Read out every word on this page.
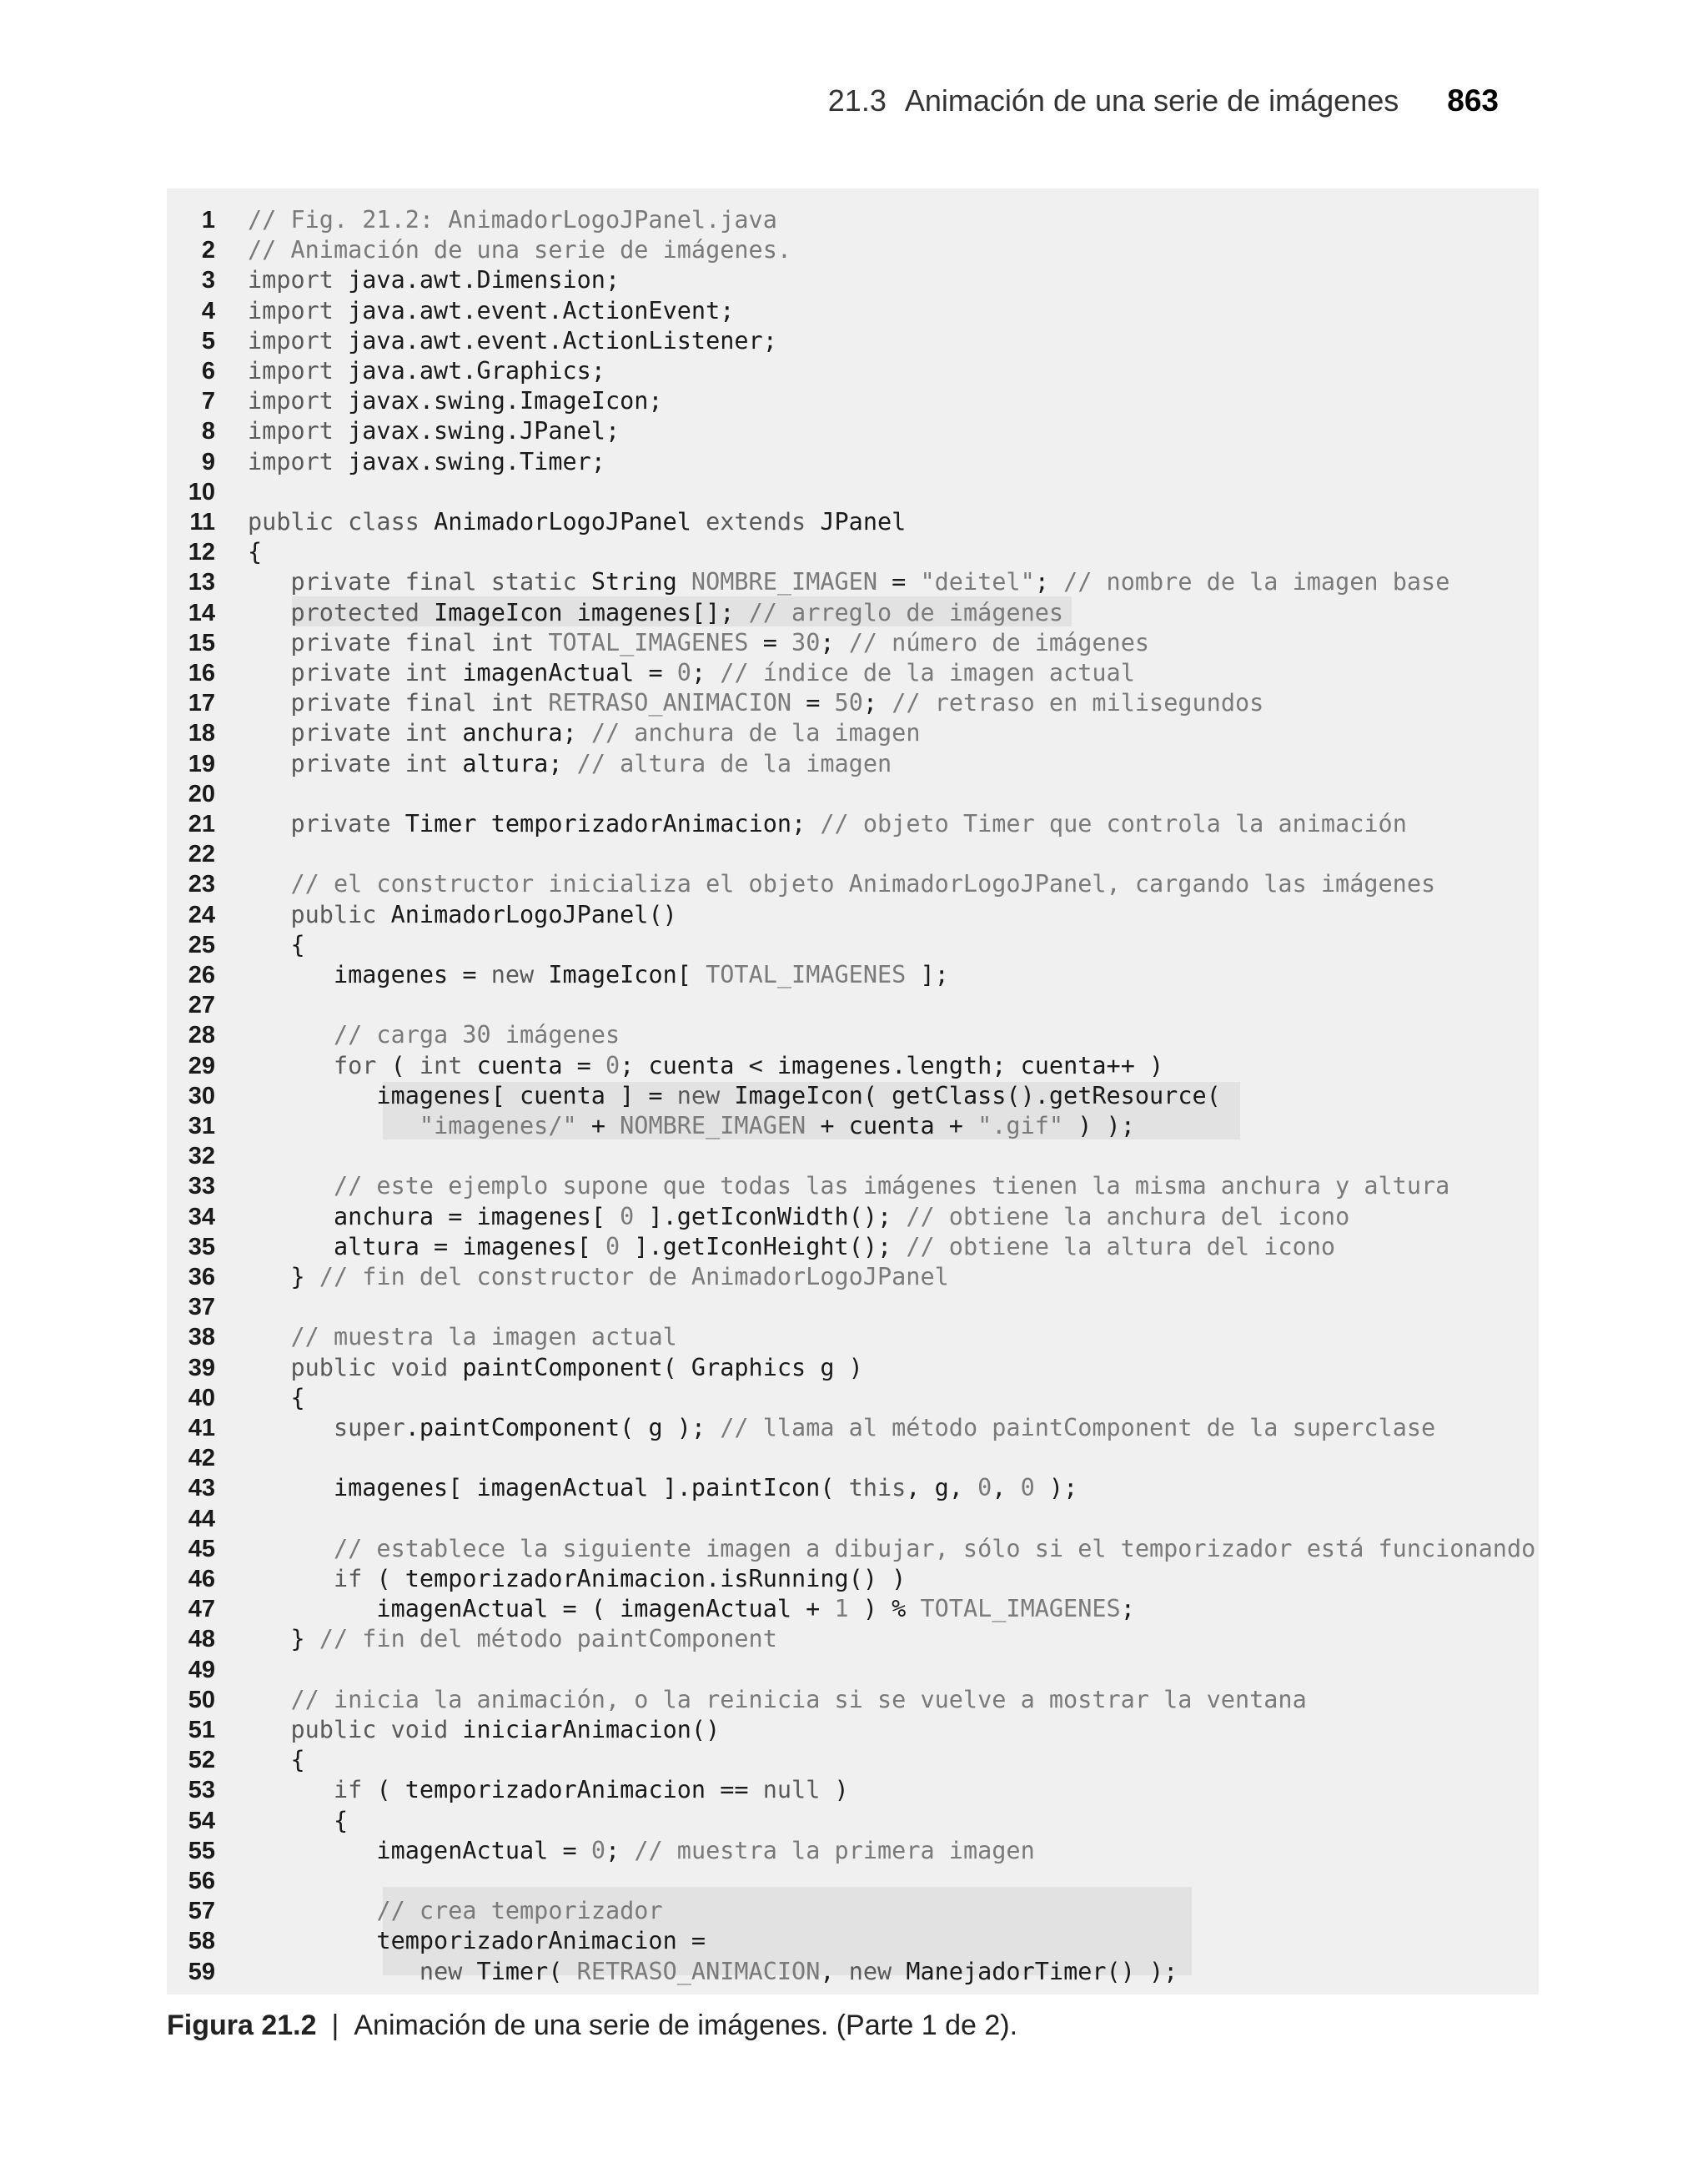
21.3 Animación de una serie de imágenes 863
1 // Fig. 21.2: AnimadorLogoJPanel.java
2 // Animación de una serie de imágenes.
3 import java.awt.Dimension;
4 import java.awt.event.ActionEvent;
5 import java.awt.event.ActionListener;
6 import java.awt.Graphics;
7 import javax.swing.ImageIcon;
8 import javax.swing.JPanel;
9 import javax.swing.Timer;
10
11 public class AnimadorLogoJPanel extends JPanel
12 {
13	private final static String NOMBRE_IMAGEN = "deitel"; // nombre de la imagen base
14	protected ImageIcon imagenes[]; // arreglo de imágenes
15	private final int TOTAL_IMAGENES = 30; // número de imágenes
16	private int imagenActual = 0; // índice de la imagen actual
17	private final int RETRASO_ANIMACION = 50; // retraso en milisegundos
18	private int anchura; // anchura de la imagen
19	private int altura; // altura de la imagen
20
21	private Timer temporizadorAnimacion; // objeto Timer que controla la animación
22
23	// el constructor inicializa el objeto AnimadorLogoJPanel, cargando las imágenes
24	public AnimadorLogoJPanel()
25 {
26 imagenes = new ImageIcon[ TOTAL_IMAGENES ];
27
28	// carga 30 imágenes
29	for ( int cuenta = 0; cuenta < imagenes.length; cuenta++ )
30 imagenes[ cuenta ] = new ImageIcon( getClass().getResource(
31	"imagenes/" + NOMBRE_IMAGEN + cuenta + ".gif" ) );
32
33	// este ejemplo supone que todas las imágenes tienen la misma anchura y altura
34 anchura = imagenes[ 0 ].getIconWidth(); // obtiene la anchura del icono
35 altura = imagenes[ 0 ].getIconHeight(); // obtiene la altura del icono
36 } // fin del constructor de AnimadorLogoJPanel
37
38	// muestra la imagen actual
39	public void paintComponent( Graphics g )
40 {
41	super.paintComponent( g ); // llama al método paintComponent de la superclase
42
43 imagenes[ imagenActual ].paintIcon( this, g, 0, 0 );
44
45	// establece la siguiente imagen a dibujar, sólo si el temporizador está funcionando
46	if ( temporizadorAnimacion.isRunning() )
47 imagenActual = ( imagenActual + 1 ) % TOTAL_IMAGENES;
48 } // fin del método paintComponent
49
50	// inicia la animación, o la reinicia si se vuelve a mostrar la ventana
51	public void iniciarAnimacion()
52 {
53	if ( temporizadorAnimacion == null )
54 {
55 imagenActual = 0; // muestra la primera imagen
56
57	// crea temporizador
58 temporizadorAnimacion =
59	new Timer( RETRASO_ANIMACION, new ManejadorTimer() );
Figura 21.2 | Animación de una serie de imágenes. (Parte 1 de 2).
